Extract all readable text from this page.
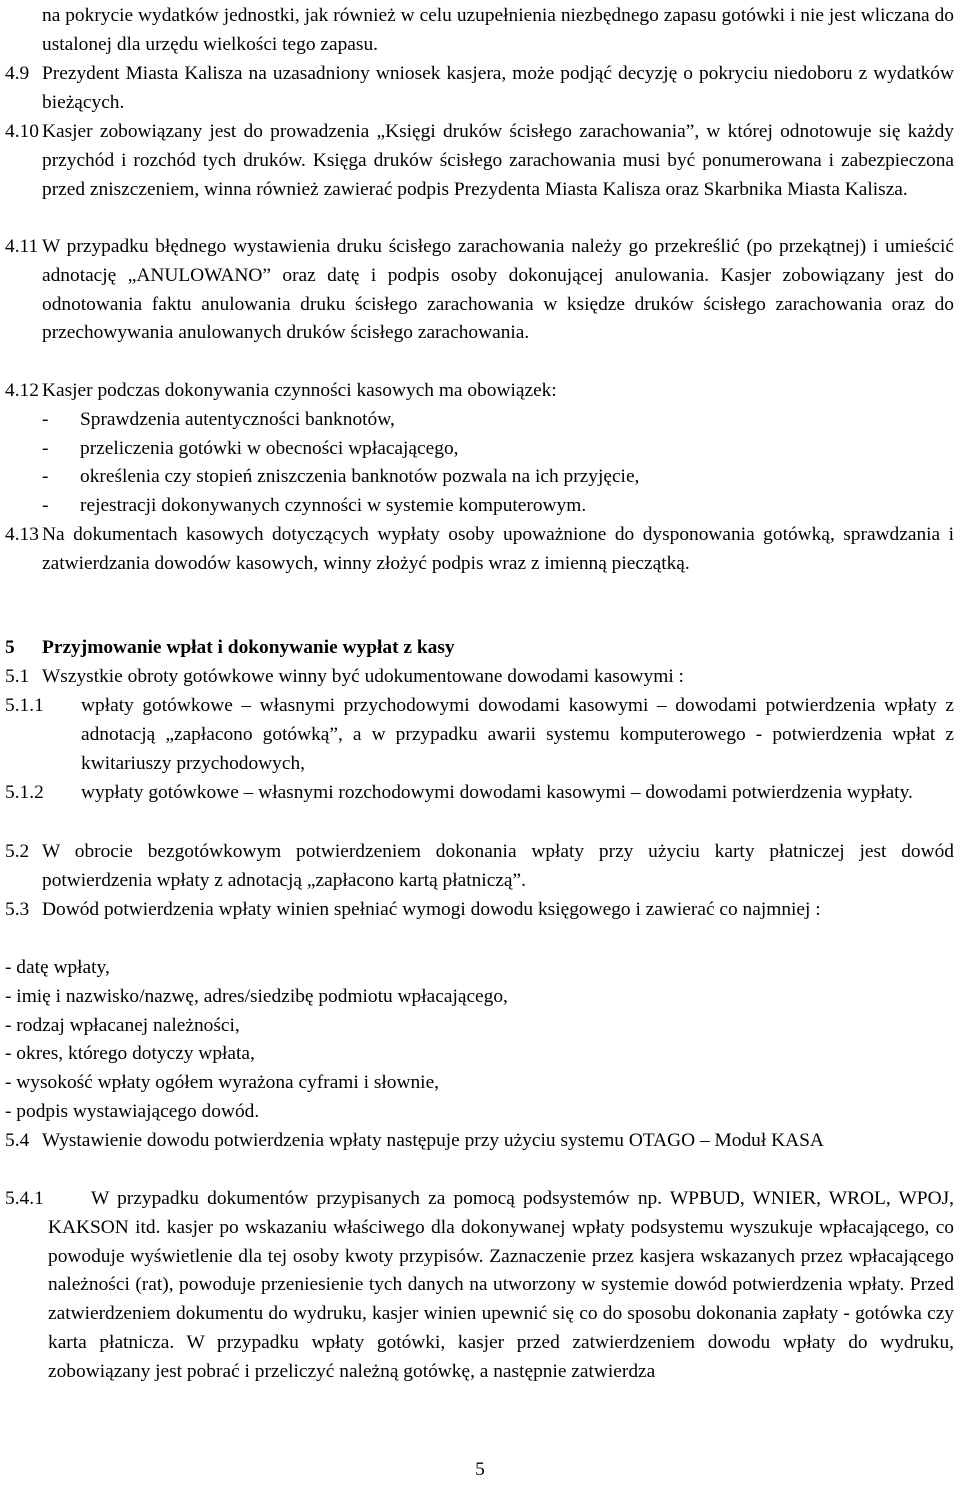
na pokrycie wydatków jednostki, jak również w celu uzupełnienia niezbędnego zapasu gotówki i nie jest wliczana do ustalonej dla urzędu wielkości tego zapasu.

4.9 Prezydent Miasta Kalisza na uzasadniony wniosek kasjera, może podjąć decyzję o pokryciu niedoboru z wydatków bieżących.

4.10 Kasjer zobowiązany jest do prowadzenia „Księgi druków ścisłego zarachowania”, w której odnotowuje się każdy przychód i rozchód tych druków. Księga druków ścisłego zarachowania musi być ponumerowana i zabezpieczona przed zniszczeniem, winna również zawierać podpis Prezydenta Miasta Kalisza oraz Skarbnika Miasta Kalisza.

4.11 W przypadku błędnego wystawienia druku ścisłego zarachowania należy go przekreślić (po przekątnej) i umieścić adnotację „ANULOWANO” oraz datę i podpis osoby dokonującej anulowania. Kasjer zobowiązany jest do odnotowania faktu anulowania druku ścisłego zarachowania w księdze druków ścisłego zarachowania oraz do przechowywania anulowanych druków ścisłego zarachowania.

4.12 Kasjer podczas dokonywania czynności kasowych ma obowiązek:

- Sprawdzenia autentyczności banknotów,
- przeliczenia gotówki w obecności wpłacającego,
- określenia czy stopień zniszczenia banknotów pozwala na ich przyjęcie,
- rejestracji dokonywanych czynności w systemie komputerowym.
4.13 Na dokumentach kasowych dotyczących wypłaty osoby upoważnione do dysponowania gotówką, sprawdzania i zatwierdzania dowodów kasowych, winny złożyć podpis wraz z imienną pieczątką.

5 Przyjmowanie wpłat i dokonywanie wypłat z kasy
5.1 Wszystkie obroty gotówkowe winny być udokumentowane dowodami kasowymi :

5.1.1 wpłaty gotówkowe – własnymi przychodowymi dowodami kasowymi – dowodami potwierdzenia wpłaty z adnotacją „zapłacono gotówką”, a w przypadku awarii systemu komputerowego - potwierdzenia wpłat z kwitariuszy przychodowych,

5.1.2 wypłaty gotówkowe – własnymi rozchodowymi dowodami kasowymi – dowodami potwierdzenia wypłaty.

5.2 W obrocie bezgotówkowym potwierdzeniem dokonania wpłaty przy użyciu karty płatniczej jest dowód potwierdzenia wpłaty z adnotacją „zapłacono kartą płatniczą”.

5.3 Dowód potwierdzenia wpłaty winien spełniać wymogi dowodu księgowego i zawierać co najmniej :

- datę wpłaty,

- imię i nazwisko/nazwę, adres/siedzibę podmiotu wpłacającego,

- rodzaj wpłacanej należności,

- okres, którego dotyczy wpłata,

- wysokość wpłaty ogółem wyrażona cyframi i słownie,

- podpis wystawiającego dowód.

5.4 Wystawienie dowodu potwierdzenia wpłaty następuje przy użyciu systemu OTAGO – Moduł KASA

5.4.1	W przypadku dokumentów przypisanych za pomocą podsystemów np. WPBUD, WNIER, WROL, WPOJ, KAKSON itd. kasjer po wskazaniu właściwego dla dokonywanej wpłaty podsystemu wyszukuje wpłacającego, co powoduje wyświetlenie dla tej osoby kwoty przypisów. Zaznaczenie przez kasjera wskazanych przez wpłacającego należności (rat), powoduje przeniesienie tych danych na utworzony w systemie dowód potwierdzenia wpłaty. Przed zatwierdzeniem dokumentu do wydruku, kasjer winien upewnić się co do sposobu dokonania zapłaty - gotówka czy karta płatnicza. W przypadku wpłaty gotówki, kasjer przed zatwierdzeniem dowodu wpłaty do wydruku, zobowiązany jest pobrać i przeliczyć należną gotówkę, a następnie zatwierdza

5
